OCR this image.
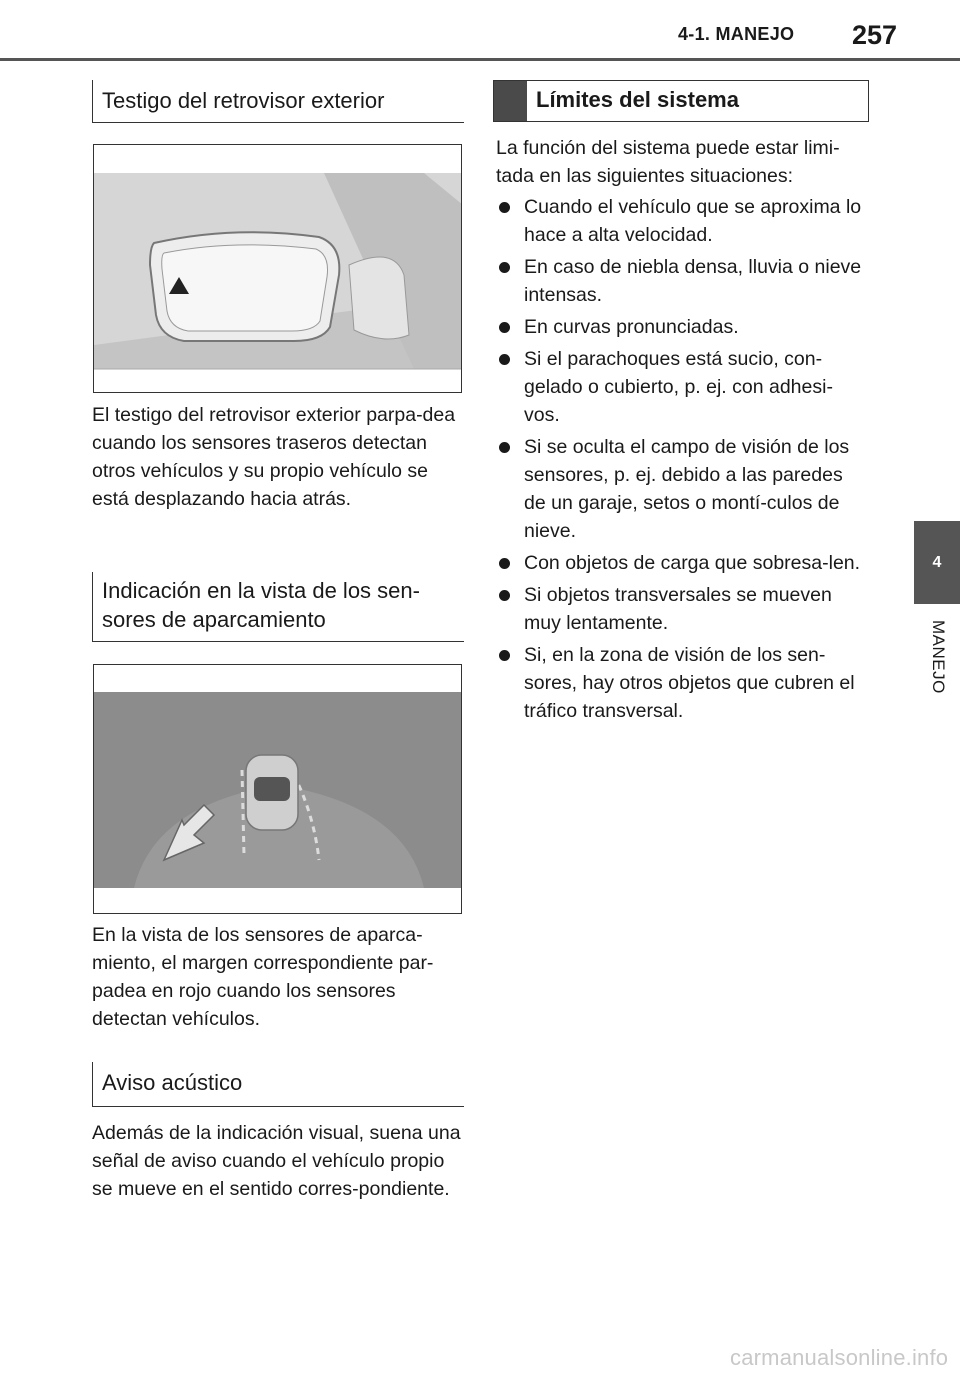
4-1. MANEJO 257
4
MANEJO
Testigo del retrovisor exterior
El testigo del retrovisor exterior parpa-dea cuando los sensores traseros detectan otros vehículos y su propio vehículo se está desplazando hacia atrás.
Indicación en la vista de los sen-sores de aparcamiento
En la vista de los sensores de aparca-miento, el margen correspondiente par-padea en rojo cuando los sensores detectan vehículos.
Aviso acústico
Además de la indicación visual, suena una señal de aviso cuando el vehículo propio se mueve en el sentido corres-pondiente.
Límites del sistema
La función del sistema puede estar limi-tada en las siguientes situaciones:
Cuando el vehículo que se aproxima lo hace a alta velocidad.
En caso de niebla densa, lluvia o nieve intensas.
En curvas pronunciadas.
Si el parachoques está sucio, con-gelado o cubierto, p. ej. con adhesi-vos.
Si se oculta el campo de visión de los sensores, p. ej. debido a las paredes de un garaje, setos o montí-culos de nieve.
Con objetos de carga que sobresa-len.
Si objetos transversales se mueven muy lentamente.
Si, en la zona de visión de los sen-sores, hay otros objetos que cubren el tráfico transversal.
carmanualsonline.info
